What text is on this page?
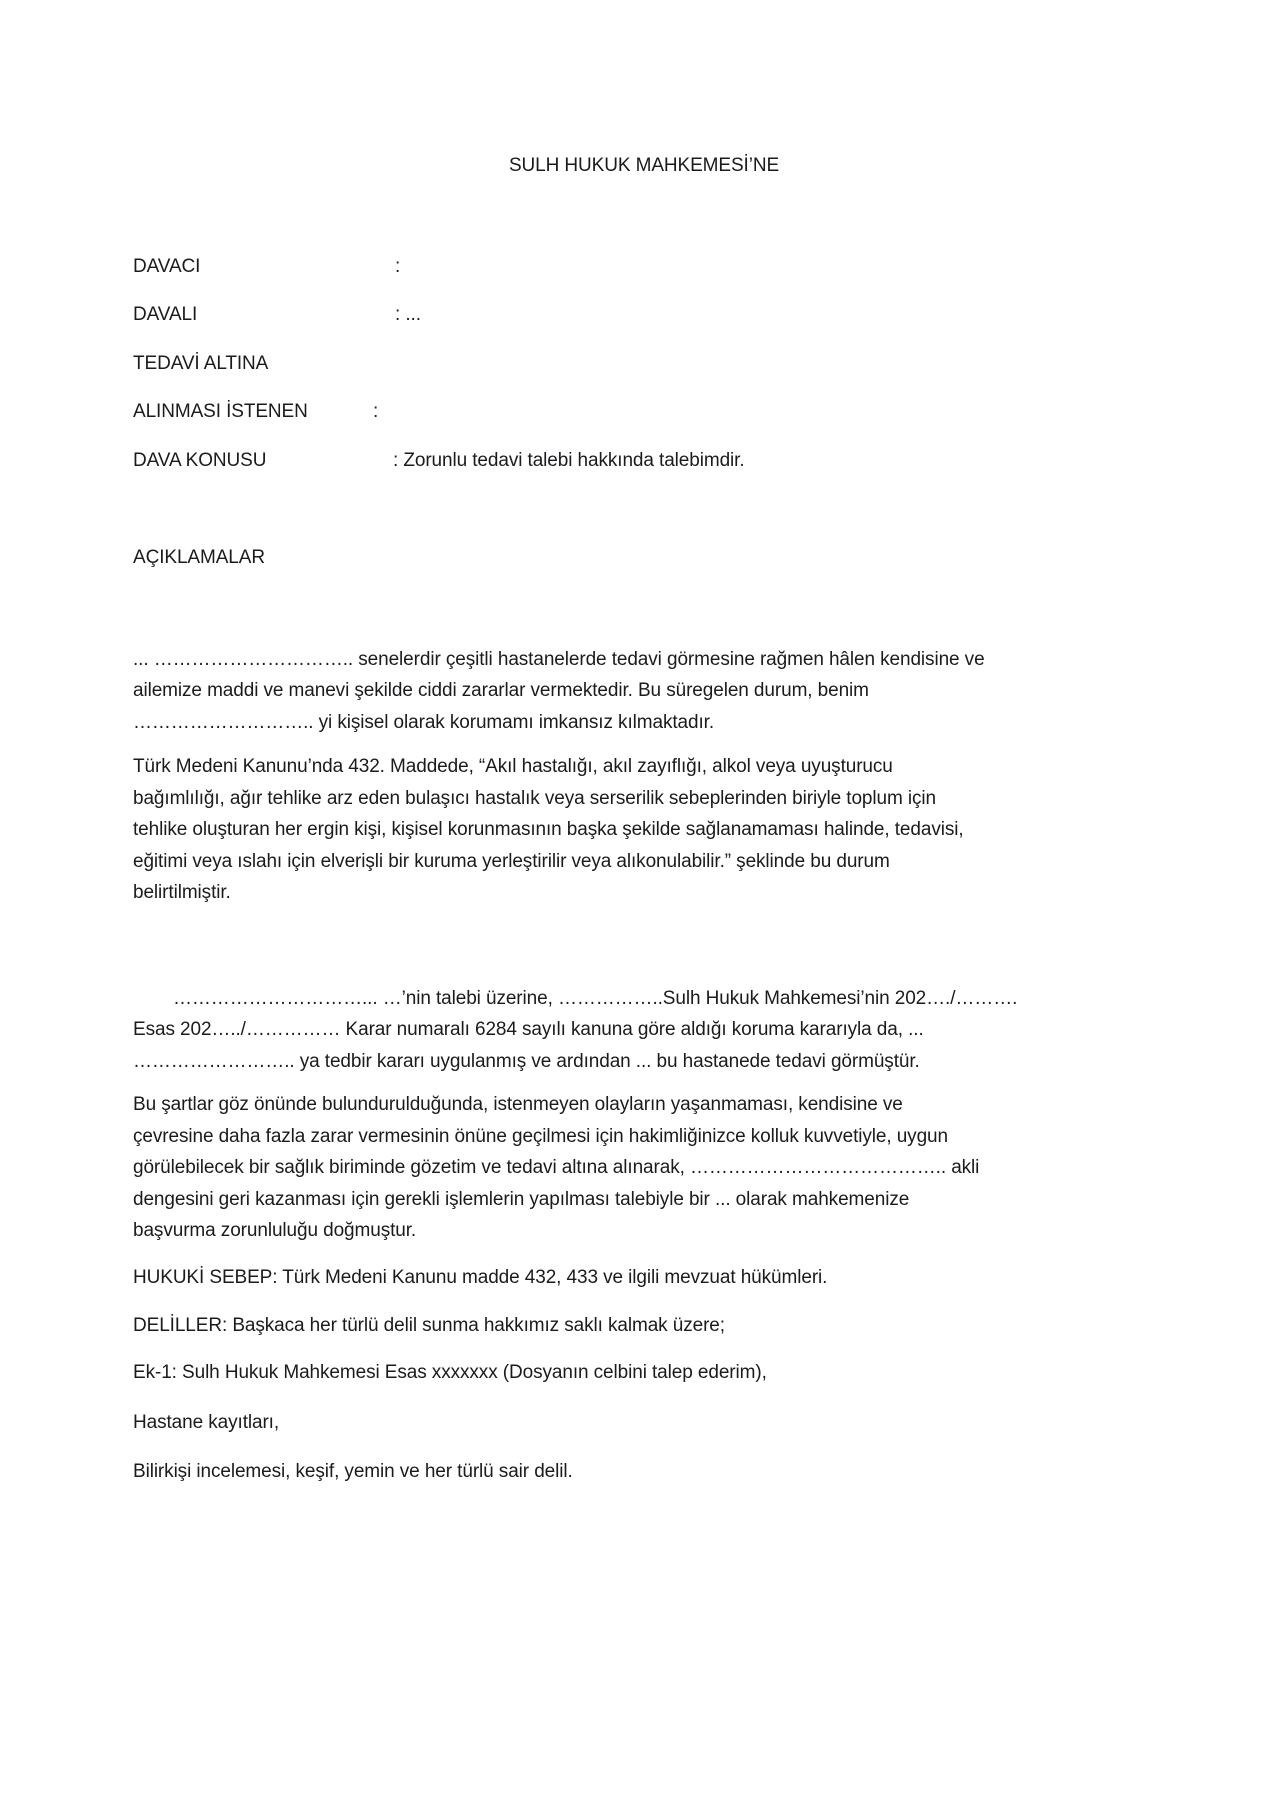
SULH HUKUK MAHKEMESİ’NE
DAVACI	:
DAVALI	: ...
TEDAVİ ALTINA
ALINMASI İSTENEN	:
DAVA KONUSU	: Zorunlu tedavi talebi hakkında talebimdir.
AÇIKLAMALAR
... ………………………….. senelerdir çeşitli hastanelerde tedavi görmesine rağmen hâlen kendisine ve
ailemize maddi ve manevi şekilde ciddi zararlar vermektedir. Bu süregelen durum, benim
……………………….. yi kişisel olarak korumamı imkansız kılmaktadır.
Türk Medeni Kanunu’nda 432. Maddede, “Akıl hastalığı, akıl zayıflığı, alkol veya uyuşturucu
bağımlılığı, ağır tehlike arz eden bulaşıcı hastalık veya serserilik sebeplerinden biriyle toplum için
tehlike oluşturan her ergin kişi, kişisel korunmasının başka şekilde sağlanamaması halinde, tedavisi,
eğitimi veya ıslahı için elverişli bir kuruma yerleştirilir veya alıkonulabilir.” şeklinde bu durum
belirtilmiştir.
…………………………... …’nin talebi üzerine, ……………..Sulh Hukuk Mahkemesi’nin 202…./……….
Esas 202…../…………… Karar numaralı 6284 sayılı kanuna göre aldığı koruma kararıyla da, ...
…………………….. ya tedbir kararı uygulanmış ve ardından ... bu hastanede tedavi görmüştür.
Bu şartlar göz önünde bulundurulduğunda, istenmeyen olayların yaşanmaması, kendisine ve
çevresine daha fazla zarar vermesinin önüne geçilmesi için hakimliğinizce kolluk kuvvetiyle, uygun
görülebilecek bir sağlık biriminde gözetim ve tedavi altına alınarak, ………………………………….. akli
dengesini geri kazanması için gerekli işlemlerin yapılması talebiyle bir ... olarak mahkemenize
başvurma zorunluluğu doğmuştur.
HUKUKİ SEBEP: Türk Medeni Kanunu madde 432, 433 ve ilgili mevzuat hükümleri.
DELİLLER: Başkaca her türlü delil sunma hakkımız saklı kalmak üzere;
Ek-1: Sulh Hukuk Mahkemesi Esas xxxxxxx (Dosyanın celbini talep ederim),
Hastane kayıtları,
Bilirkişi incelemesi, keşif, yemin ve her türlü sair delil.
